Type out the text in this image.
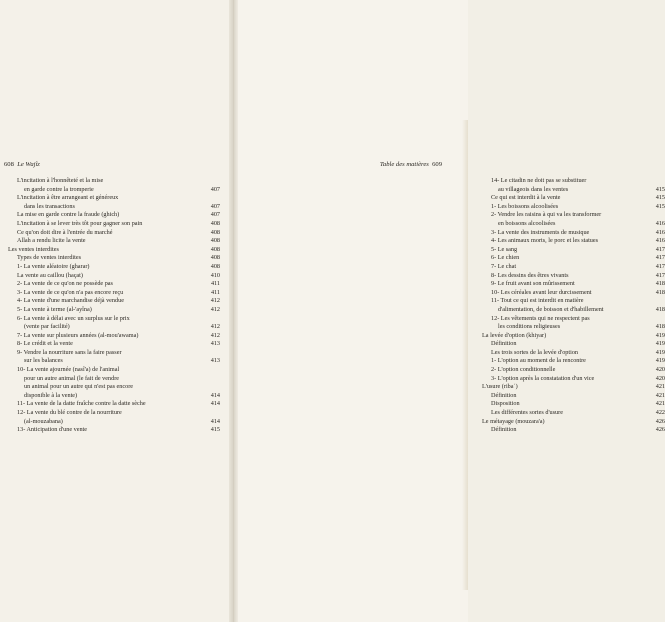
608 Le Wajîz
L'incitation à l'honnêteté et la mise
en garde contre la tromperie	407
L'incitation à être arrangeant et généreux
dans les transactions	407
La mise en garde contre la fraude (ghich)	407
L'incitation à se lever très tôt pour gagner son pain	408
Ce qu'on doit dire à l'entrée du marché	408
Allah a rendu licite la vente	408
Les ventes interdites	408
Types de ventes interdites	408
1- La vente aléatoire (gharar)	408
La vente au caillou (haçat)	410
2- La vente de ce qu'on ne possède pas	411
3- La vente de ce qu'on n'a pas encore reçu	411
4- La vente d'une marchandise déjà vendue	412
5- La vente à terme (al-'ayîna)	412
6- La vente à délai avec un surplus sur le prix
(vente par facilité)	412
7- La vente sur plusieurs années (al-mou'awama)	412
8- Le crédit et la vente	413
9- Vendre la nourriture sans la faire passer
sur les balances	413
10- La vente ajournée (nasî'a) de l'animal
pour un autre animal (le fait de vendre
un animal pour un autre qui n'est pas encore
disponible à la vente)	414
11- La vente de la datte fraîche contre la datte sèche	414
12- La vente du blé contre de la nourriture
(al-mouzabana)	414
13- Anticipation d'une vente	415
Table des matières 609
14- Le citadin ne doit pas se substituer
au villageois dans les ventes	415
Ce qui est interdit à la vente	415
1- Les boissons alcoolisées	415
2- Vendre les raisins à qui va les transformer
en boissons alcoolisées	416
3- La vente des instruments de musique	416
4- Les animaux morts, le porc et les statues	416
5- Le sang	417
6- Le chien	417
7- Le chat	417
8- Les dessins des êtres vivants	417
9- Le fruit avant son mûrissement	418
10- Les céréales avant leur durcissement	418
11- Tout ce qui est interdit en matière
d'alimentation, de boisson et d'habillement	418
12- Les vêtements qui ne respectent pas
les conditions religieuses	418
La levée d'option (khiyar)	419
Définition	419
Les trois sortes de la levée d'option	419
1- L'option au moment de la rencontre	419
2- L'option conditionnelle	420
3- L'option après la constatation d'un vice	420
L'usure (ribaʾ)	421
Définition	421
Disposition	421
Les différentes sortes d'usure	422
Le métayage (mouzara'a)	426
Définition	426
